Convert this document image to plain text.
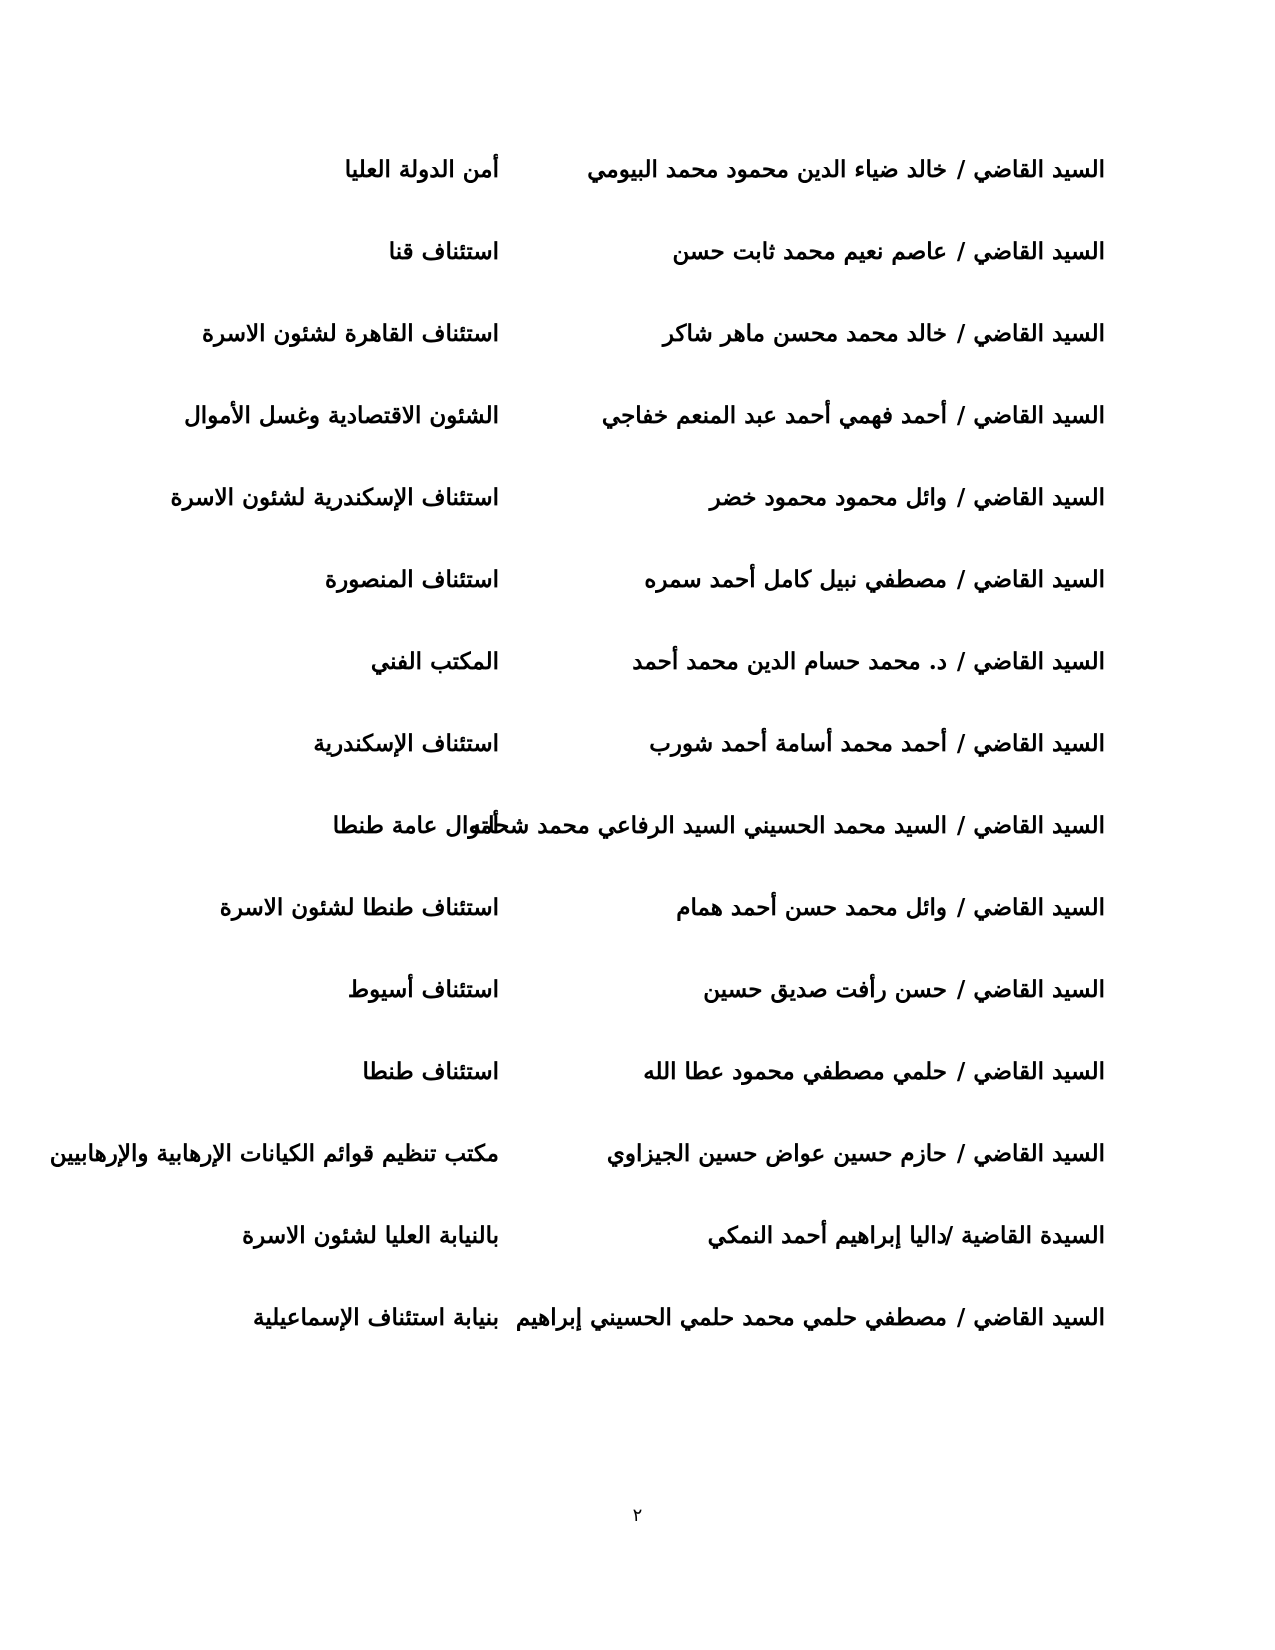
السيد القاضي /
خالد ضياء الدين محمود محمد البيومي
أمن الدولة العليا
السيد القاضي /
عاصم نعيم محمد ثابت حسن
استئناف قنا
السيد القاضي /
خالد محمد محسن ماهر شاكر
استئناف القاهرة لشئون الاسرة
السيد القاضي /
أحمد فهمي أحمد عبد المنعم خفاجي
الشئون الاقتصادية وغسل الأموال
السيد القاضي /
وائل محمود محمود خضر
استئناف الإسكندرية لشئون الاسرة
السيد القاضي /
مصطفي نبيل كامل أحمد سمره
استئناف المنصورة
السيد القاضي /
د. محمد حسام الدين محمد أحمد
المكتب الفني
السيد القاضي /
أحمد محمد أسامة أحمد شورب
استئناف الإسكندرية
السيد القاضي /
السيد محمد الحسيني السيد الرفاعي محمد شحاته
أموال عامة طنطا
السيد القاضي /
وائل محمد حسن أحمد همام
استئناف طنطا لشئون الاسرة
السيد القاضي /
حسن رأفت صديق حسين
استئناف أسيوط
السيد القاضي /
حلمي مصطفي محمود عطا الله
استئناف طنطا
السيد القاضي /
حازم حسين عواض حسين الجيزاوي
مكتب تنظيم قوائم الكيانات الإرهابية والإرهابيين
السيدة القاضية /
داليا إبراهيم أحمد النمكي
بالنيابة العليا لشئون الاسرة
السيد القاضي /
مصطفي حلمي محمد حلمي الحسيني إبراهيم
بنيابة استئناف الإسماعيلية
٢
